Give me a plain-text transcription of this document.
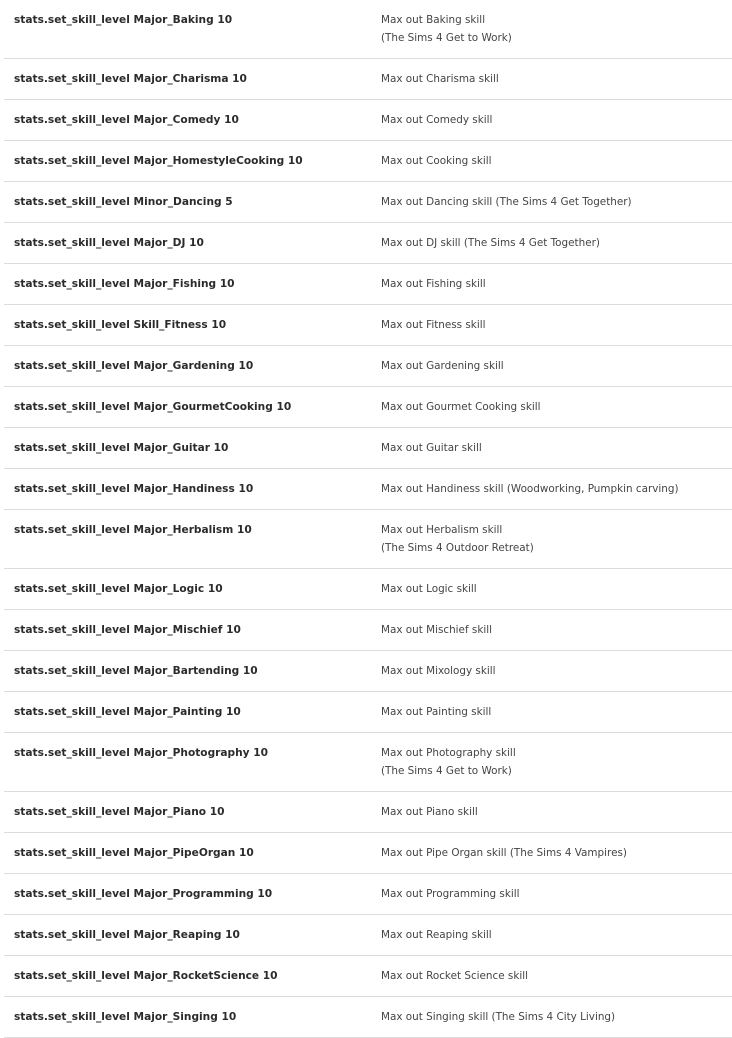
stats.set_skill_level Major_Baking 10	Max out Baking skill
(The Sims 4 Get to Work)

stats.set_skill_level Major_Charisma 10	Max out Charisma skill

stats.set_skill_level Major_Comedy 10	Max out Comedy skill

stats.set_skill_level Major_HomestyleCooking 10	Max out Cooking skill

stats.set_skill_level Minor_Dancing 5	Max out Dancing skill (The Sims 4 Get Together)

stats.set_skill_level Major_DJ 10	Max out DJ skill (The Sims 4 Get Together)

stats.set_skill_level Major_Fishing 10	Max out Fishing skill

stats.set_skill_level Skill_Fitness 10	Max out Fitness skill

stats.set_skill_level Major_Gardening 10	Max out Gardening skill

stats.set_skill_level Major_GourmetCooking 10	Max out Gourmet Cooking skill

stats.set_skill_level Major_Guitar 10	Max out Guitar skill

stats.set_skill_level Major_Handiness 10	Max out Handiness skill (Woodworking, Pumpkin carving)

stats.set_skill_level Major_Herbalism 10	Max out Herbalism skill
(The Sims 4 Outdoor Retreat)

stats.set_skill_level Major_Logic 10	Max out Logic skill

stats.set_skill_level Major_Mischief 10	Max out Mischief skill

stats.set_skill_level Major_Bartending 10	Max out Mixology skill

stats.set_skill_level Major_Painting 10	Max out Painting skill

stats.set_skill_level Major_Photography 10	Max out Photography skill
(The Sims 4 Get to Work)

stats.set_skill_level Major_Piano 10	Max out Piano skill

stats.set_skill_level Major_PipeOrgan 10	Max out Pipe Organ skill (The Sims 4 Vampires)

stats.set_skill_level Major_Programming 10	Max out Programming skill

stats.set_skill_level Major_Reaping 10	Max out Reaping skill

stats.set_skill_level Major_RocketScience 10	Max out Rocket Science skill

stats.set_skill_level Major_Singing 10	Max out Singing skill (The Sims 4 City Living)
